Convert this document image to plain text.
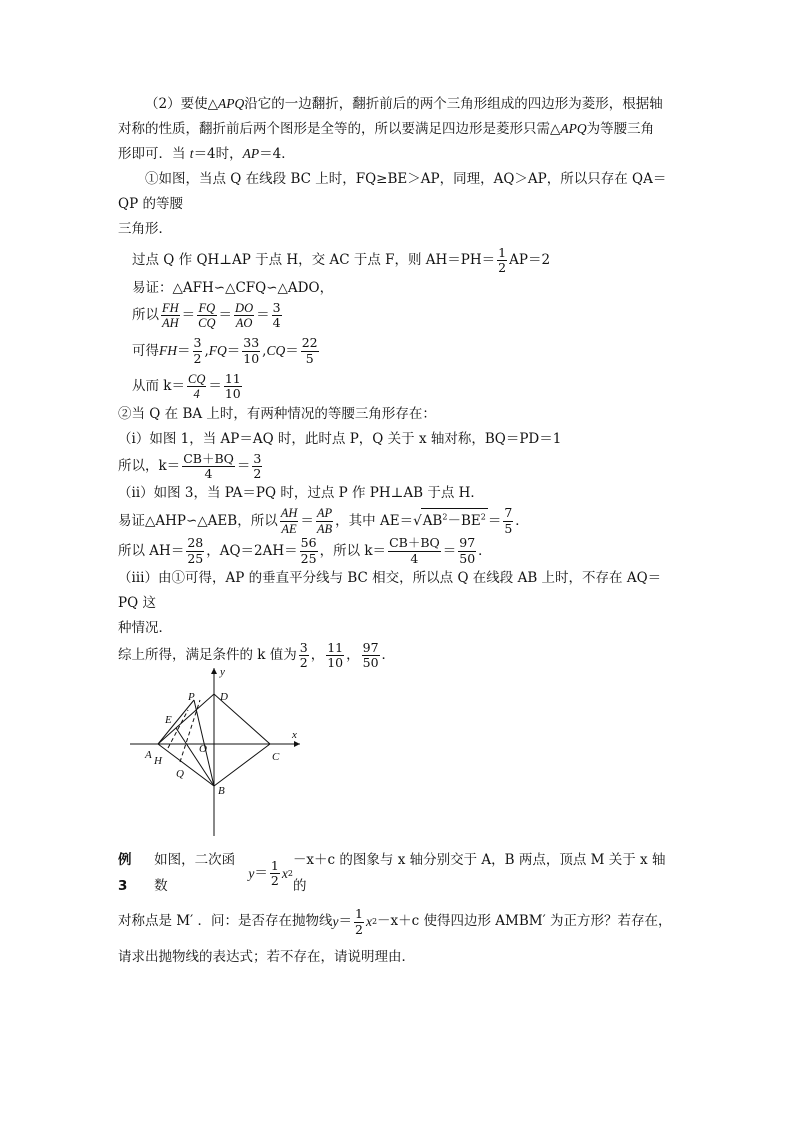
（2）要使△APQ沿它的一边翻折，翻折前后的两个三角形组成的四边形为菱形，根据轴

对称的性质，翻折前后两个图形是全等的，所以要满足四边形是菱形只需△APQ为等腰三角

形即可．当 t＝4时，AP＝4．

①如图，当点 Q 在线段 BC 上时，FQ≥BE＞AP，同理，AQ＞AP，所以只存在 QA＝QP 的等腰

三角形．

过点 Q 作 QH⊥AP 于点 H，交 AC 于点 F，则 $AH=PH= \frac{1}{2} AP=2$

易证：△AFH∽△CFQ∽△ADO，

所以 $\frac{FH}{AH} = \frac{FQ}{CQ} = \frac{DO}{AO} = \frac{3}{4}$

可得 FH ＝ $\frac{3}{2}$ , FQ ＝ $\frac{33}{10}$ , CQ ＝ $\frac{22}{5}$

从而 $k= \frac{CQ}{4} = \frac{11}{10}$

②当 Q 在 BA 上时，有两种情况的等腰三角形存在：

（i）如图 1，当 AP＝AQ 时，此时点 P，Q 关于 x 轴对称，BQ＝PD＝1

所以，$k= \frac{CB+BQ}{4} = \frac{3}{2}$

（ⅱ）如图 3，当 PA＝PQ 时，过点 P 作 PH⊥AB 于点 H．

易证△AHP∽△AEB，所以 $\frac{AH}{AE} = \frac{AP}{AB}$ ，其中 AE＝ √ $AB^2-BE^2 = \frac{7}{5}$ ．

所以 $AH= \frac{28}{25}$ ，$AQ=2AH= \frac{56}{25}$ ，所以 $k= \frac{CB+BQ}{4} = \frac{97}{50}$ ．

（ⅲ）由①可得，AP 的垂直平分线与 BC 相交，所以点 Q 在线段 AB 上时，不存在 AQ＝PQ 这

种情况．

综上所得，满足条件的 k 值为 $\frac{3}{2}$ ， $\frac{11}{10}$ ， $\frac{97}{50}$ ．

y
x
P D
E
O
A H	C
Q
B

例 3

如图，二次函数
$y = \frac{1}{2}$ x 2
－x＋c 的图象与 x 轴分别交于 A，B 两点，顶点 M 关于 x 轴的

对称点是 M′ ．问：是否存在抛物线 $y = \frac{1}{2}$ x 2 －x＋c 使得四边形 AMBM′ 为正方形？若存在，

请求出抛物线的表达式；若不存在，请说明理由．
